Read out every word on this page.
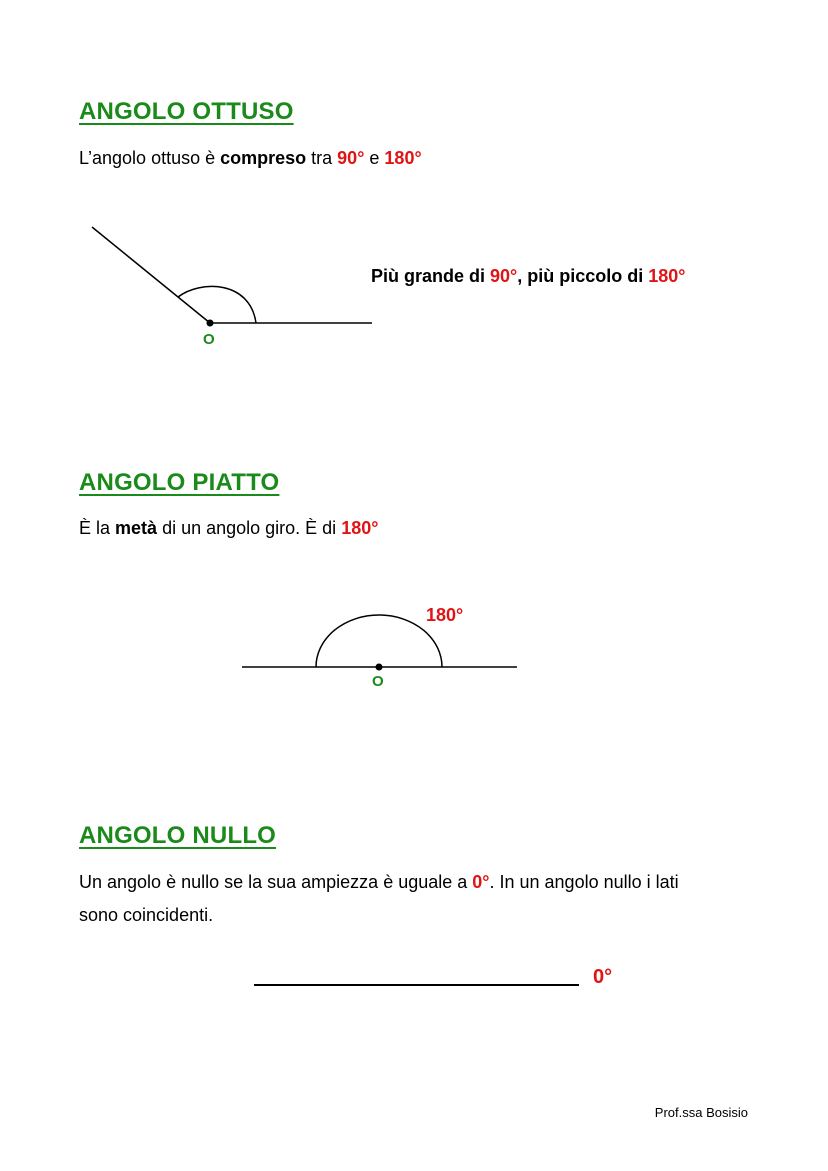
ANGOLO OTTUSO

L’angolo ottuso è compreso tra 90° e 180°

O
Più grande di 90°, più piccolo di 180°
ANGOLO PIATTO

È la metà di un angolo giro. È di 180°

180°
O
ANGOLO NULLO

Un angolo è nullo se la sua ampiezza è uguale a 0°. In un angolo nullo i lati
sono coincidenti.

0°
Prof.ssa Bosisio
